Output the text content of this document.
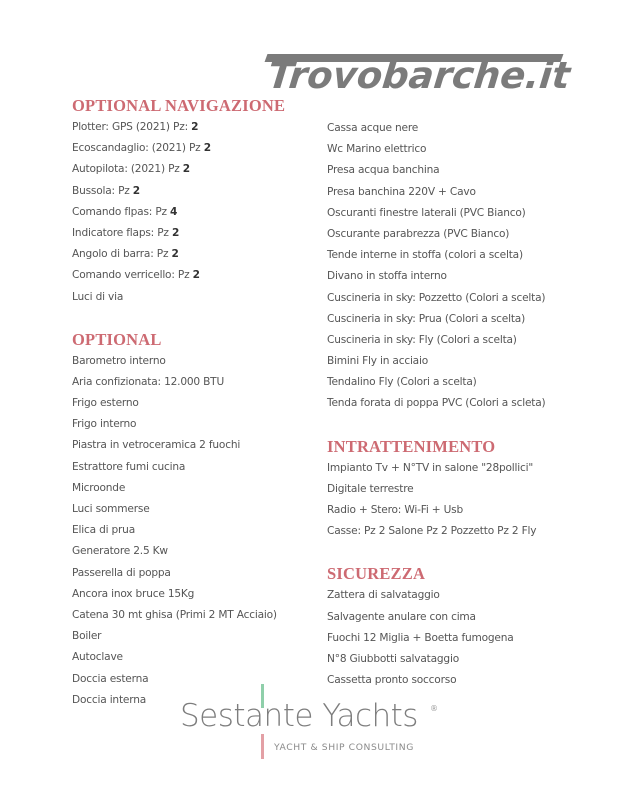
Trovobarche.it
OPTIONAL NAVIGAZIONE
Plotter: GPS (2021) Pz: 2
Ecoscandaglio: (2021) Pz 2
Autopilota: (2021) Pz 2
Bussola: Pz 2
Comando flpas: Pz 4
Indicatore flaps: Pz 2
Angolo di barra: Pz 2
Comando verricello: Pz 2
Luci di via
OPTIONAL
Barometro interno
Aria confizionata: 12.000 BTU
Frigo esterno
Frigo interno
Piastra in vetroceramica 2 fuochi
Estrattore fumi cucina
Microonde
Luci sommerse
Elica di prua
Generatore 2.5 Kw
Passerella di poppa
Ancora inox bruce 15Kg
Catena 30 mt ghisa (Primi 2 MT Acciaio)
Boiler
Autoclave
Doccia esterna
Doccia interna
Cassa acque nere
Wc Marino elettrico
Presa acqua banchina
Presa banchina 220V + Cavo
Oscuranti finestre laterali (PVC Bianco)
Oscurante parabrezza (PVC Bianco)
Tende interne in stoffa (colori a scelta)
Divano in stoffa interno
Cuscineria in sky: Pozzetto (Colori a scelta)
Cuscineria in sky: Prua (Colori a scelta)
Cuscineria in sky: Fly (Colori a scelta)
Bimini Fly in acciaio
Tendalino Fly (Colori a scelta)
Tenda forata di poppa PVC (Colori a scleta)
INTRATTENIMENTO
Impianto Tv + N°TV in salone "28pollici"
Digitale terrestre
Radio + Stero: Wi-Fi + Usb
Casse: Pz 2 Salone Pz 2 Pozzetto Pz 2 Fly
SICUREZZA
Zattera di salvataggio
Salvagente anulare con cima
Fuochi 12 Miglia + Boetta fumogena
N°8 Giubbotti salvataggio
Cassetta pronto soccorso
Sestante Yachts ®
YACHT & SHIP CONSULTING
